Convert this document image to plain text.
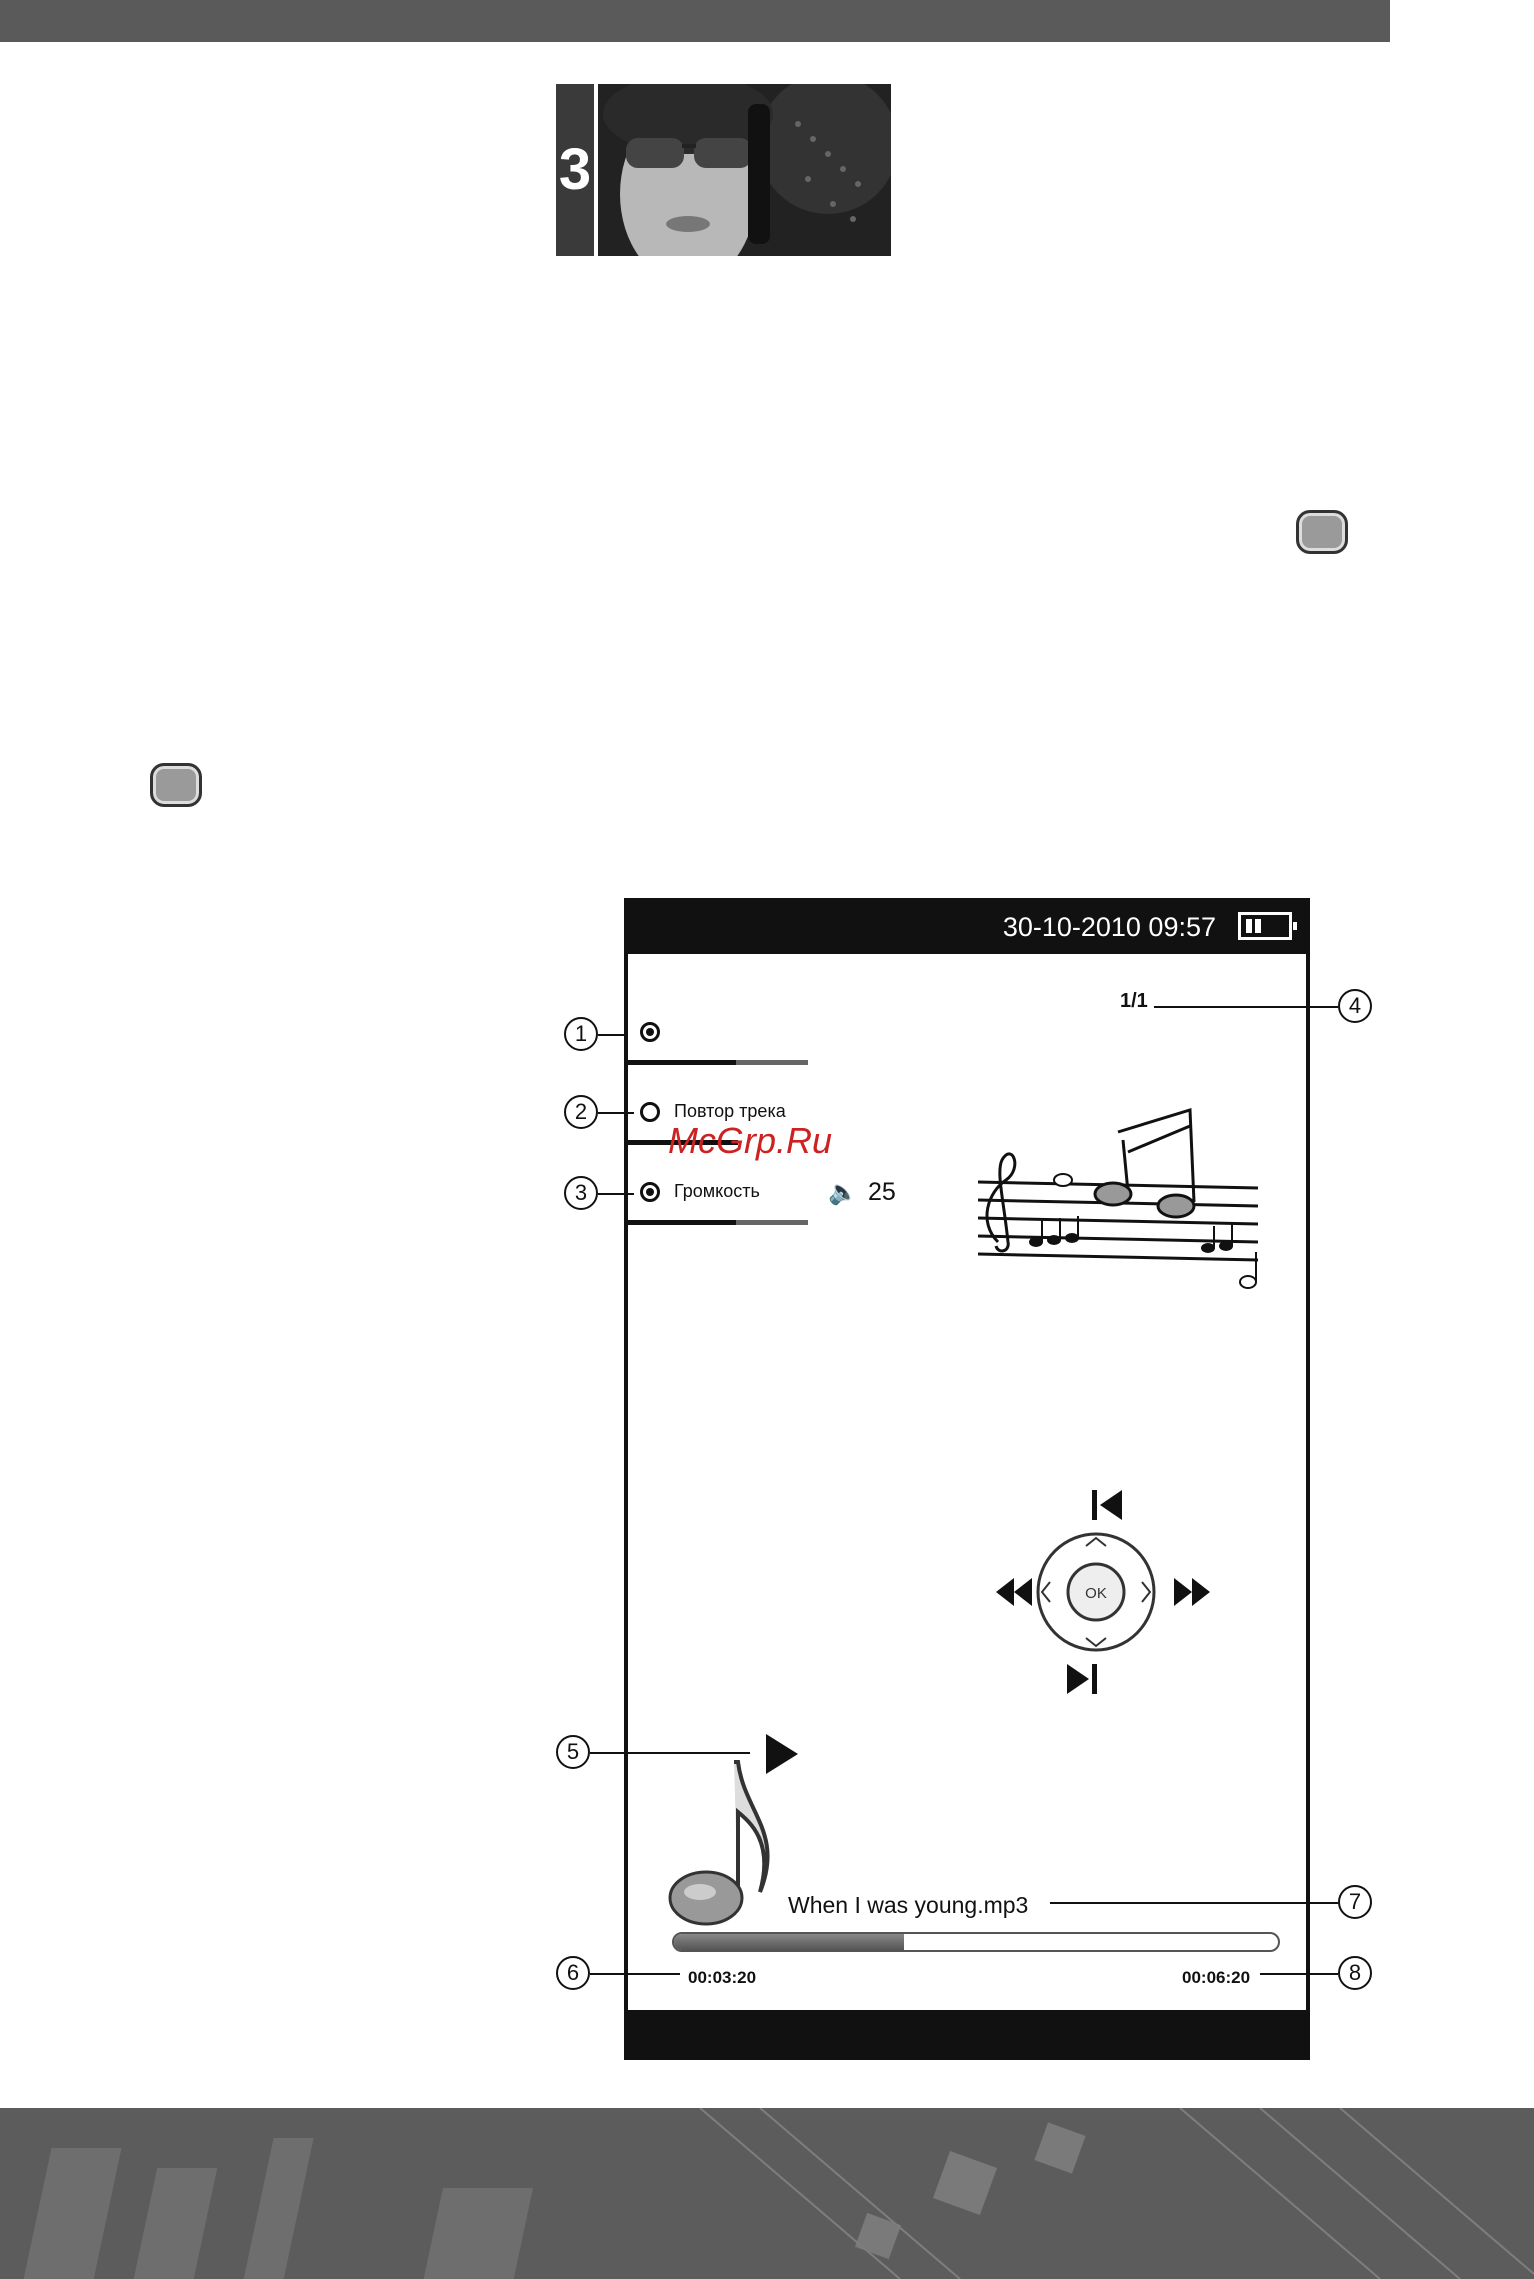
3
30-10-2010 09:57
1/1
Повтор трека
Громкость	🔈 25
OK
When I was young.mp3
00:03:20	00:06:20
McGrp.Ru
1
2
3
4
5
6
7
8
